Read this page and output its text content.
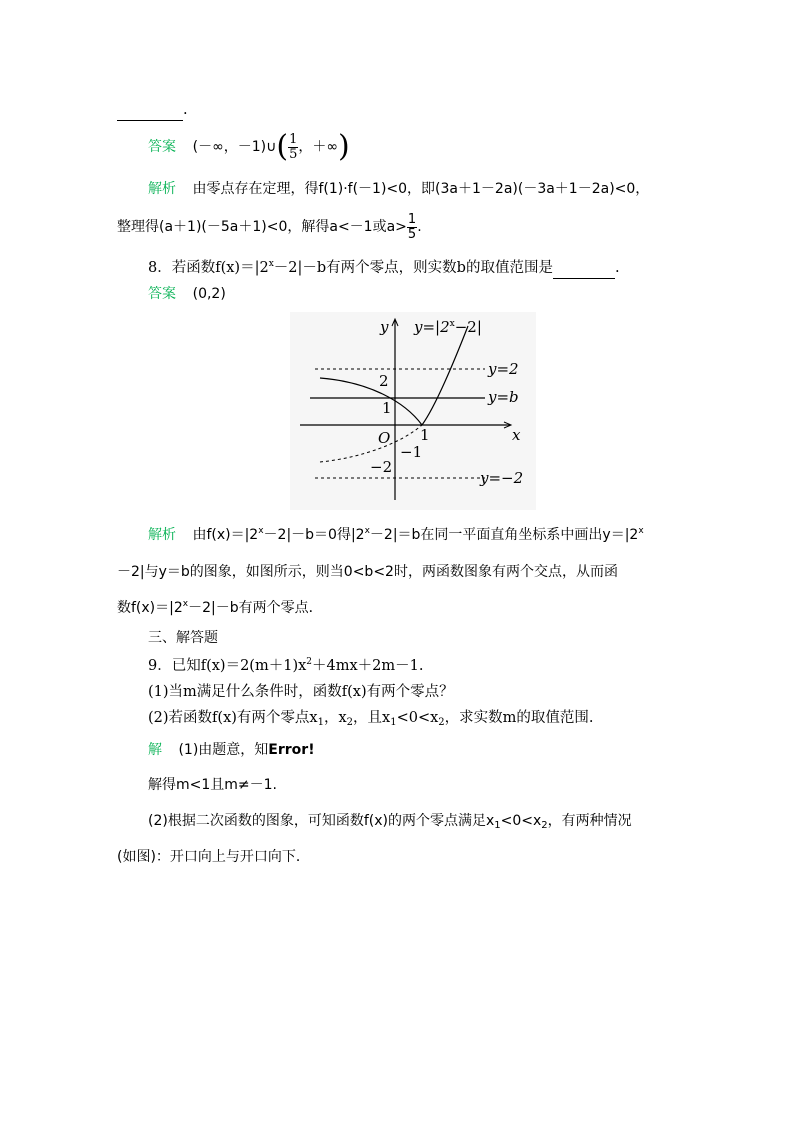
.
答案 (－∞，－1)∪( $\frac{1}{5}$ ，＋∞)
解析 由零点存在定理，得f(1)·f(－1)<0，即(3a＋1－2a)(－3a＋1－2a)<0，
整理得(a＋1)(－5a＋1)<0，解得a<－1或$a> \frac{1}{5}$ .
8．若函数$f(x)=|2^x-2|-b$有两个零点，则实数b的取值范围是	.
答案 (0,2)
y
x
O
$y=|2^x-2|$
y=2
y=b
y=−2
2
1
1
−1
−2
解析 由$f(x)=|2^x-2|-b=0$得$|2^x-2|=b$在同一平面直角坐标系中画出$y=|2^x$
－2|与y＝b的图象，如图所示，则当0<b<2时，两函数图象有两个交点，从而函
数$f(x)=|2^x-2|-b$有两个零点．
三、解答题
9．已知$f(x)=2(m+1)x^2+4mx+2m-1$.
(1)当m满足什么条件时，函数f(x)有两个零点？
(2)若函数f(x)有两个零点$x_1$，$x_2$，且$x_1<0<x_2$，求实数m的取值范围.
解 (1)由题意，知Error!
解得m<1且m≠－1.
(2)根据二次函数的图象，可知函数f(x)的两个零点满足$x_1<0<x_2$，有两种情况
(如图)：开口向上与开口向下．
